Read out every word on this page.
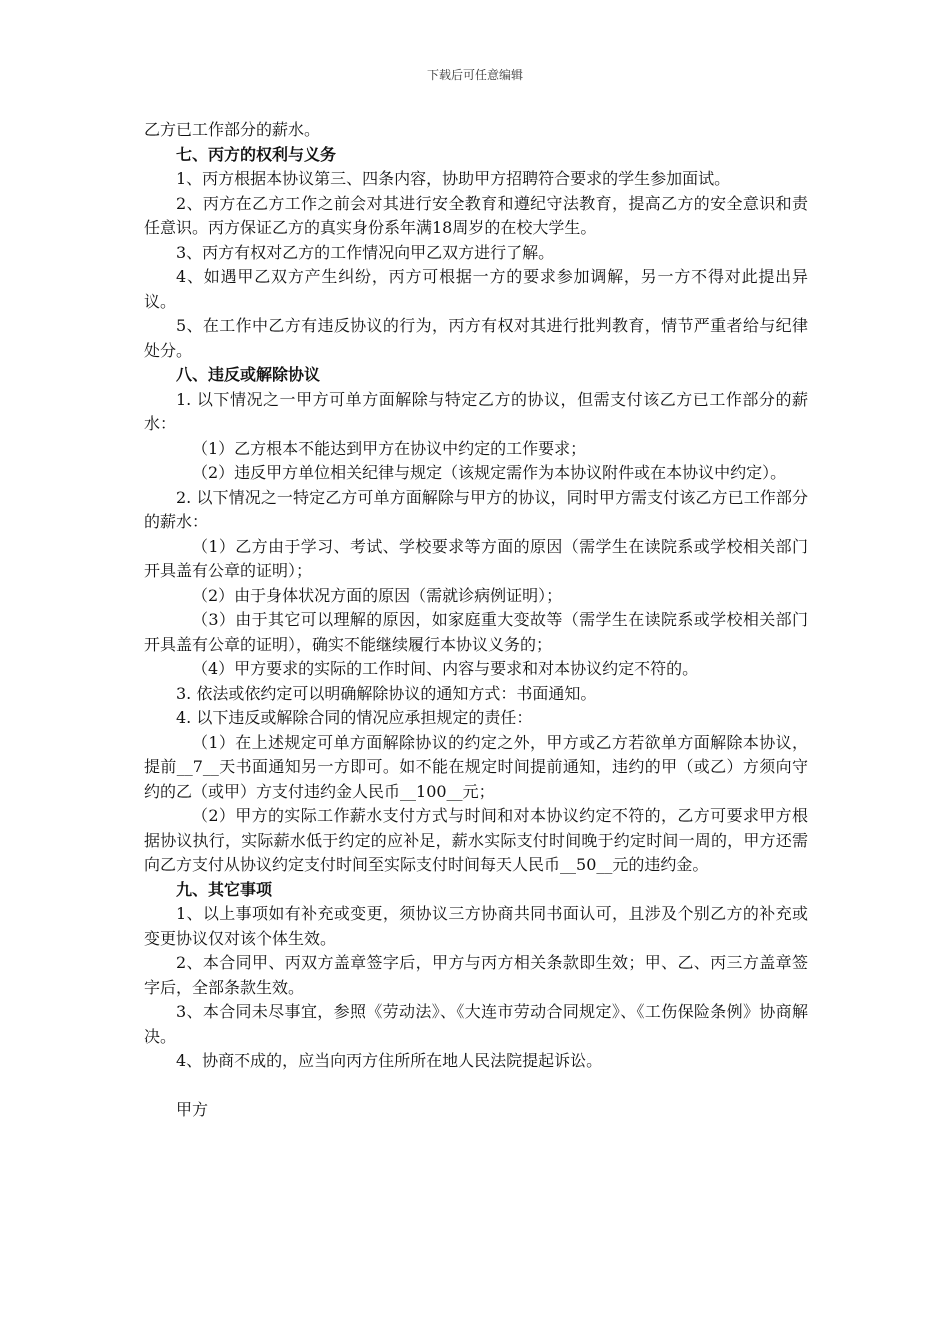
下载后可任意编辑

乙方已工作部分的薪水。

七、丙方的权利与义务

1、丙方根据本协议第三、四条内容，协助甲方招聘符合要求的学生参加面试。

2、丙方在乙方工作之前会对其进行安全教育和遵纪守法教育，提高乙方的安全意识和责任意识。丙方保证乙方的真实身份系年满18周岁的在校大学生。

3、丙方有权对乙方的工作情况向甲乙双方进行了解。

4、如遇甲乙双方产生纠纷，丙方可根据一方的要求参加调解，另一方不得对此提出异议。

5、在工作中乙方有违反协议的行为，丙方有权对其进行批判教育，情节严重者给与纪律处分。

八、违反或解除协议

1. 以下情况之一甲方可单方面解除与特定乙方的协议，但需支付该乙方已工作部分的薪水：

（1）乙方根本不能达到甲方在协议中约定的工作要求；

（2）违反甲方单位相关纪律与规定（该规定需作为本协议附件或在本协议中约定）。

2. 以下情况之一特定乙方可单方面解除与甲方的协议，同时甲方需支付该乙方已工作部分的薪水：

（1）乙方由于学习、考试、学校要求等方面的原因（需学生在读院系或学校相关部门开具盖有公章的证明）；

（2）由于身体状况方面的原因（需就诊病例证明）；

（3）由于其它可以理解的原因，如家庭重大变故等（需学生在读院系或学校相关部门开具盖有公章的证明），确实不能继续履行本协议义务的；

（4）甲方要求的实际的工作时间、内容与要求和对本协议约定不符的。

3. 依法或依约定可以明确解除协议的通知方式：书面通知。

4. 以下违反或解除合同的情况应承担规定的责任：

（1）在上述规定可单方面解除协议的约定之外，甲方或乙方若欲单方面解除本协议，提前__7__天书面通知另一方即可。如不能在规定时间提前通知，违约的甲（或乙）方须向守约的乙（或甲）方支付违约金人民币__100__元；

（2）甲方的实际工作薪水支付方式与时间和对本协议约定不符的，乙方可要求甲方根据协议执行，实际薪水低于约定的应补足，薪水实际支付时间晚于约定时间一周的，甲方还需向乙方支付从协议约定支付时间至实际支付时间每天人民币__50__元的违约金。

九、其它事项

1、以上事项如有补充或变更，须协议三方协商共同书面认可，且涉及个别乙方的补充或变更协议仅对该个体生效。

2、本合同甲、丙双方盖章签字后，甲方与丙方相关条款即生效；甲、乙、丙三方盖章签字后，全部条款生效。

3、本合同未尽事宜，参照《劳动法》、《大连市劳动合同规定》、《工伤保险条例》协商解决。

4、协商不成的，应当向丙方住所所在地人民法院提起诉讼。

甲方
